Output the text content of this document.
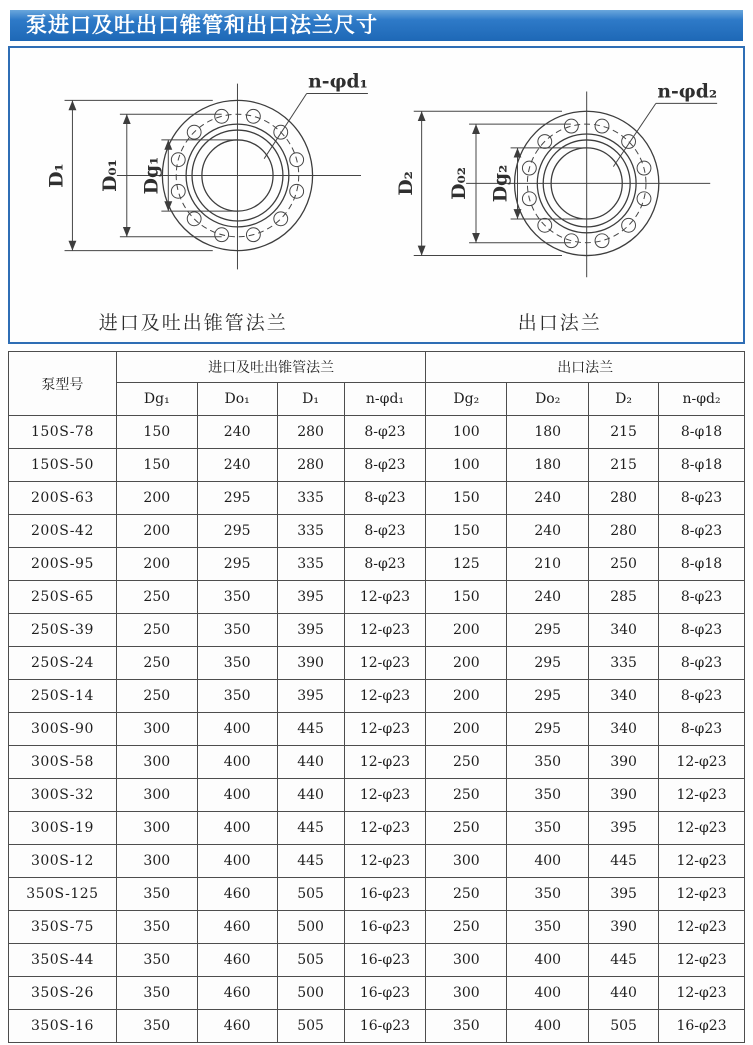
泵进口及吐出口锥管和出口法兰尺寸
D₁ D₀₁ Dg₁
n-φd₁
进口及吐出锥管法兰
D₂ D₀₂ Dg₂
n-φd₂
出口法兰
泵型号	进口及吐出锥管法兰				出口法兰			
	Dg₁	Do₁	D₁	n-φd₁	Dg₂	Do₂	D₂	n-φd₂
150S-78	150	240	280	8-φ23	100	180	215	8-φ18
150S-50	150	240	280	8-φ23	100	180	215	8-φ18
200S-63	200	295	335	8-φ23	150	240	280	8-φ23
200S-42	200	295	335	8-φ23	150	240	280	8-φ23
200S-95	200	295	335	8-φ23	125	210	250	8-φ18
250S-65	250	350	395	12-φ23	150	240	285	8-φ23
250S-39	250	350	395	12-φ23	200	295	340	8-φ23
250S-24	250	350	390	12-φ23	200	295	335	8-φ23
250S-14	250	350	395	12-φ23	200	295	340	8-φ23
300S-90	300	400	445	12-φ23	200	295	340	8-φ23
300S-58	300	400	440	12-φ23	250	350	390	12-φ23
300S-32	300	400	440	12-φ23	250	350	390	12-φ23
300S-19	300	400	445	12-φ23	250	350	395	12-φ23
300S-12	300	400	445	12-φ23	300	400	445	12-φ23
350S-125	350	460	505	16-φ23	250	350	395	12-φ23
350S-75	350	460	500	16-φ23	250	350	390	12-φ23
350S-44	350	460	505	16-φ23	300	400	445	12-φ23
350S-26	350	460	500	16-φ23	300	400	440	12-φ23
350S-16	350	460	505	16-φ23	350	400	505	16-φ23
